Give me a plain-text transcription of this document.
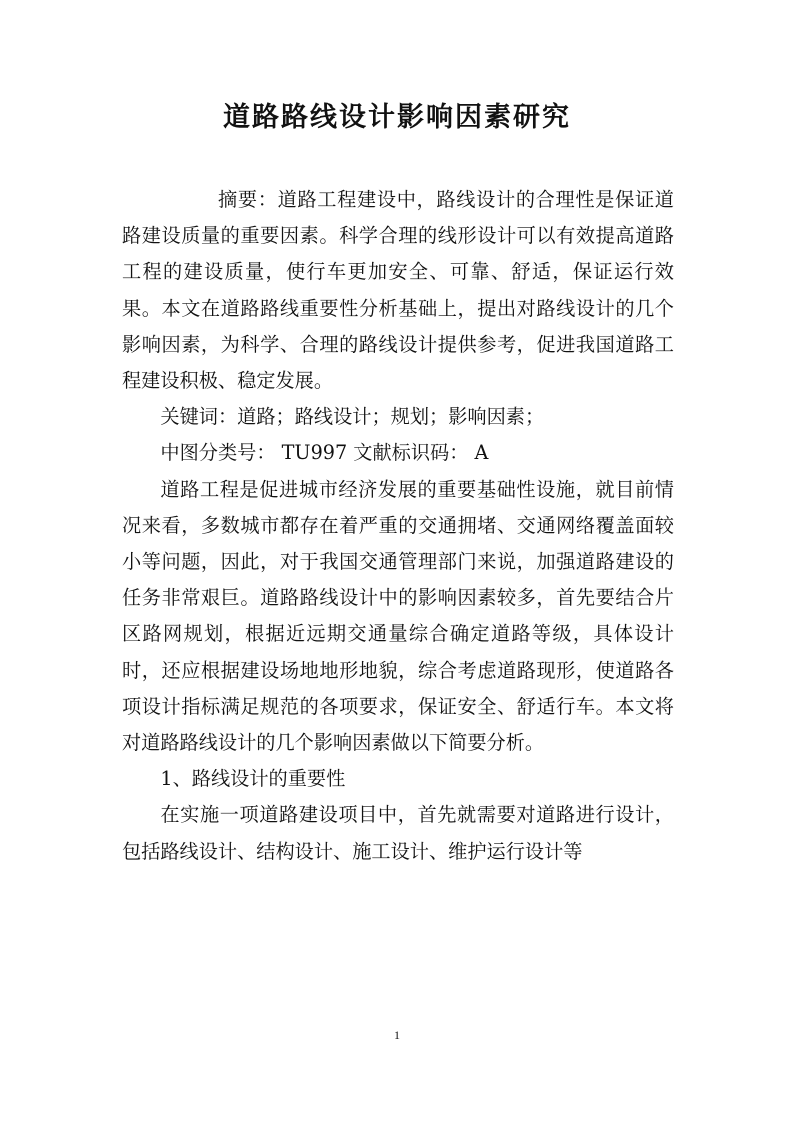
道路路线设计影响因素研究

摘要：道路工程建设中，路线设计的合理性是保证道路建设质量的重要因素。科学合理的线形设计可以有效提高道路工程的建设质量，使行车更加安全、可靠、舒适，保证运行效果。本文在道路路线重要性分析基础上，提出对路线设计的几个影响因素，为科学、合理的路线设计提供参考，促进我国道路工程建设积极、稳定发展。

关键词：道路；路线设计；规划；影响因素；

中图分类号： TU997 文献标识码： A

道路工程是促进城市经济发展的重要基础性设施，就目前情况来看，多数城市都存在着严重的交通拥堵、交通网络覆盖面较小等问题，因此，对于我国交通管理部门来说，加强道路建设的任务非常艰巨。道路路线设计中的影响因素较多，首先要结合片区路网规划，根据近远期交通量综合确定道路等级，具体设计时，还应根据建设场地地形地貌，综合考虑道路现形，使道路各项设计指标满足规范的各项要求，保证安全、舒适行车。本文将对道路路线设计的几个影响因素做以下简要分析。

1、路线设计的重要性

在实施一项道路建设项目中，首先就需要对道路进行设计，包括路线设计、结构设计、施工设计、维护运行设计等

1
